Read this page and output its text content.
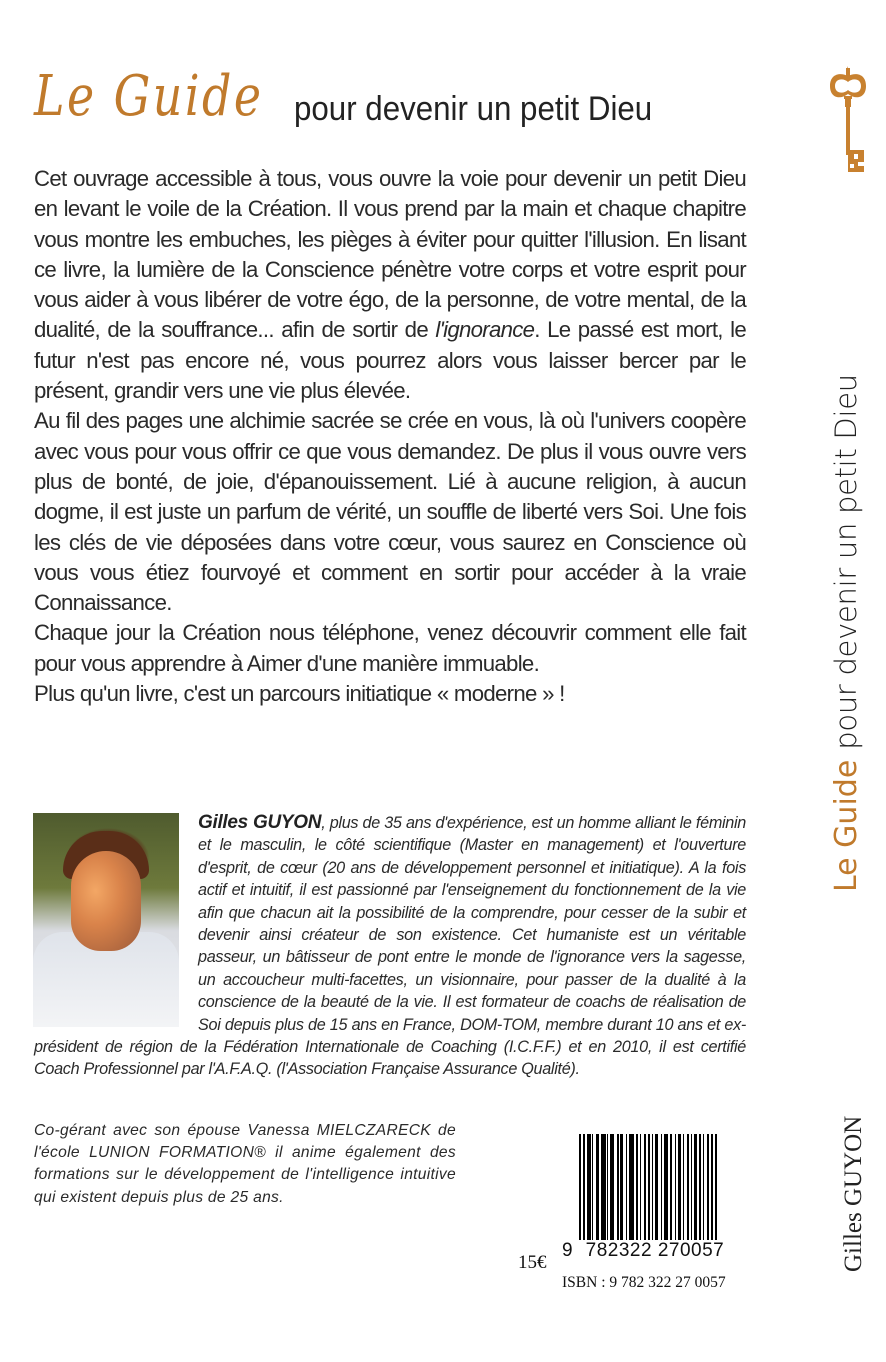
Le Guide pour devenir un petit Dieu

Cet ouvrage accessible à tous, vous ouvre la voie pour devenir un petit Dieu en levant le voile de la Création. Il vous prend par la main et chaque chapitre vous montre les embuches, les pièges à éviter pour quitter l'illusion. En lisant ce livre, la lumière de la Conscience pénètre votre corps et votre esprit pour vous aider à vous libérer de votre égo, de la personne, de votre mental, de la dualité, de la souffrance... afin de sortir de l'ignorance. Le passé est mort, le futur n'est pas encore né, vous pourrez alors vous laisser bercer par le présent, grandir vers une vie plus élevée.

Au fil des pages une alchimie sacrée se crée en vous, là où l'univers coopère avec vous pour vous offrir ce que vous demandez. De plus il vous ouvre vers plus de bonté, de joie, d'épanouissement. Lié à aucune religion, à aucun dogme, il est juste un parfum de vérité, un souffle de liberté vers Soi. Une fois les clés de vie déposées dans votre cœur, vous saurez en Conscience où vous vous étiez fourvoyé et comment en sortir pour accéder à la vraie Connaissance.

Chaque jour la Création nous téléphone, venez découvrir comment elle fait pour vous apprendre à Aimer d'une manière immuable.

Plus qu'un livre, c'est un parcours initiatique « moderne » !

Gilles GUYON, plus de 35 ans d'expérience, est un homme alliant le féminin et le masculin, le côté scientifique (Master en management) et l'ouverture d'esprit, de cœur (20 ans de développement personnel et initiatique). A la fois actif et intuitif, il est passionné par l'enseignement du fonctionnement de la vie afin que chacun ait la possibilité de la comprendre, pour cesser de la subir et devenir ainsi créateur de son existence. Cet humaniste est un véritable passeur, un bâtisseur de pont entre le monde de l'ignorance vers la sagesse, un accoucheur multi-facettes, un visionnaire, pour passer de la dualité à la conscience de la beauté de la vie. Il est formateur de coachs de réalisation de Soi depuis plus de 15 ans en France, DOM-TOM, membre durant 10 ans et ex-président de région de la Fédération Internationale de Coaching (I.C.F.F.) et en 2010, il est certifié Coach Professionnel par l'A.F.A.Q. (l'Association Française Assurance Qualité).
Co-gérant avec son épouse Vanessa MIELCZARECK de l'école LUNION FORMATION® il anime également des formations sur le développement de l'intelligence intuitive qui existent depuis plus de 25 ans.
9 782322 270057
15€
ISBN : 9 782 322 27 0057
Le Guidepour devenir un petit Dieu
Gilles GUYON
